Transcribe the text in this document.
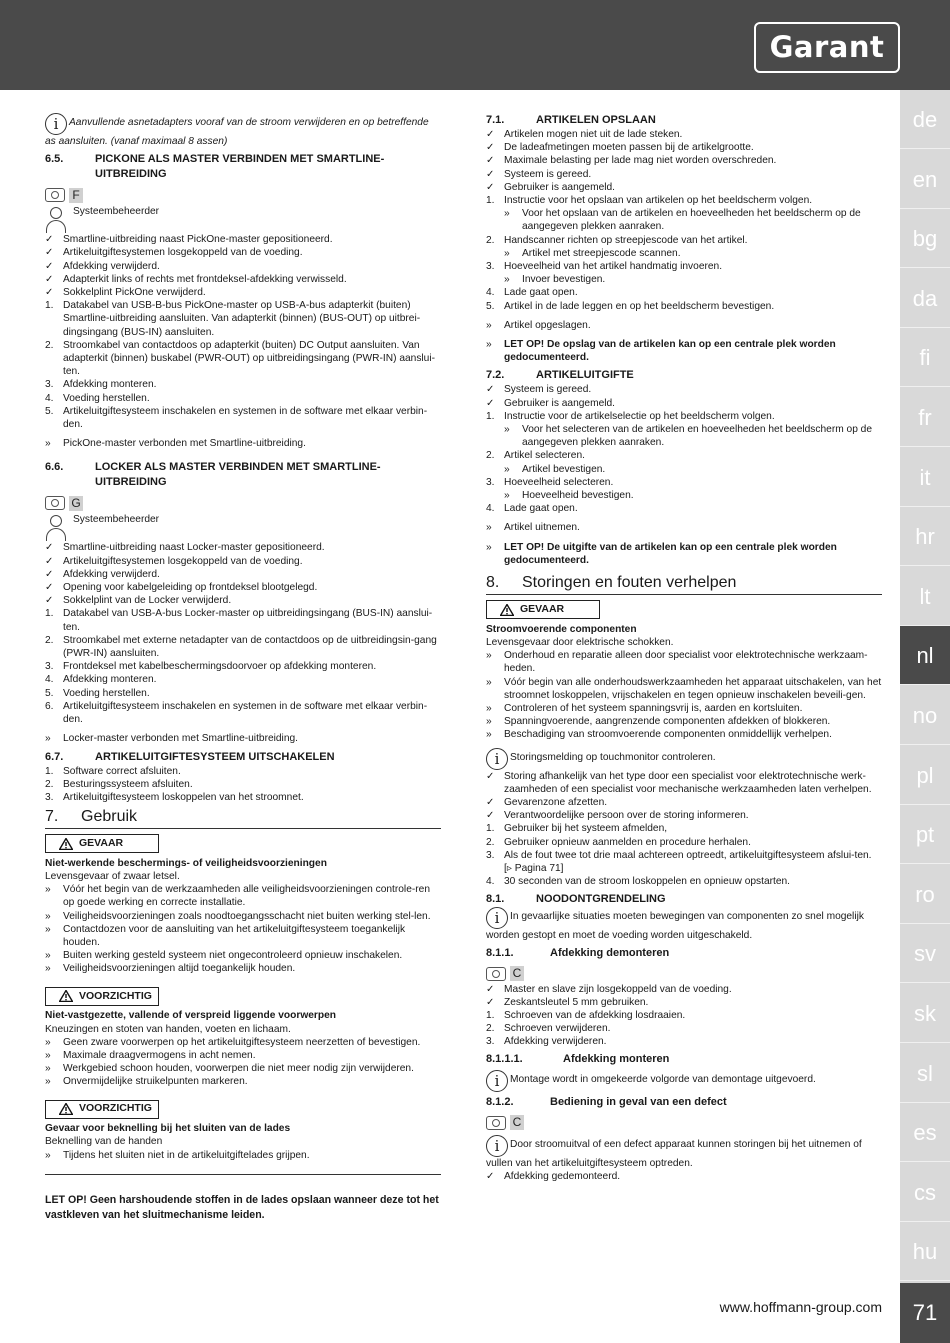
Garant
i Aanvullende asnetadapters vooraf van de stroom verwijderen en op betreffende as aansluiten. (vanaf maximaal 8 assen)
6.5.	PICKONE ALS MASTER VERBINDEN MET SMARTLINE-UITBREIDING
F
Systeembeheerder
✓ Smartline-uitbreiding naast PickOne-master gepositioneerd.
✓ Artikeluitgiftesystemen losgekoppeld van de voeding.
✓ Afdekking verwijderd.
✓ Adapterkit links of rechts met frontdeksel-afdekking verwisseld.
✓ Sokkelplint PickOne verwijderd.
1. Datakabel van USB-B-bus PickOne-master op USB-A-bus adapterkit (buiten) Smartline-uitbreiding aansluiten. Van adapterkit (binnen) (BUS-OUT) op uitbrei-dingsingang (BUS-IN) aansluiten.
2. Stroomkabel van contactdoos op adapterkit (buiten) DC Output aansluiten. Van adapterkit (binnen) buskabel (PWR-OUT) op uitbreidingsingang (PWR-IN) aanslui-ten.
3. Afdekking monteren.
4. Voeding herstellen.
5. Artikeluitgiftesysteem inschakelen en systemen in de software met elkaar verbin-den.
»	PickOne-master verbonden met Smartline-uitbreiding.
6.6.	LOCKER ALS MASTER VERBINDEN MET SMARTLINE-UITBREIDING
G
Systeembeheerder
✓ Smartline-uitbreiding naast Locker-master gepositioneerd.
✓ Artikeluitgiftesystemen losgekoppeld van de voeding.
✓ Afdekking verwijderd.
✓ Opening voor kabelgeleiding op frontdeksel blootgelegd.
✓ Sokkelplint van de Locker verwijderd.
1. Datakabel van USB-A-bus Locker-master op uitbreidingsingang (BUS-IN) aanslui-ten.
2. Stroomkabel met externe netadapter van de contactdoos op de uitbreidingsin-gang (PWR-IN) aansluiten.
3. Frontdeksel met kabelbeschermingsdoorvoer op afdekking monteren.
4. Afdekking monteren.
5. Voeding herstellen.
6. Artikeluitgiftesysteem inschakelen en systemen in de software met elkaar verbin-den.
»	Locker-master verbonden met Smartline-uitbreiding.
6.7.	ARTIKELUITGIFTESYSTEEM UITSCHAKELEN
1. Software correct afsluiten.
2. Besturingssysteem afsluiten.
3. Artikeluitgiftesysteem loskoppelen van het stroomnet.
7.	Gebruik
GEVAAR
Niet-werkende beschermings- of veiligheidsvoorzieningen
Levensgevaar of zwaar letsel.
»	Vóór het begin van de werkzaamheden alle veiligheidsvoorzieningen controle-ren op goede werking en correcte installatie.
»	Veiligheidsvoorzieningen zoals noodtoegangsschacht niet buiten werking stel-len.
»	Contactdozen voor de aansluiting van het artikeluitgiftesysteem toegankelijk houden.
»	Buiten werking gesteld systeem niet ongecontroleerd opnieuw inschakelen.
»	Veiligheidsvoorzieningen altijd toegankelijk houden.
VOORZICHTIG
Niet-vastgezette, vallende of verspreid liggende voorwerpen
Kneuzingen en stoten van handen, voeten en lichaam.
»	Geen zware voorwerpen op het artikeluitgiftesysteem neerzetten of bevestigen.
»	Maximale draagvermogens in acht nemen.
»	Werkgebied schoon houden, voorwerpen die niet meer nodig zijn verwijderen.
»	Onvermijdelijke struikelpunten markeren.
VOORZICHTIG
Gevaar voor beknelling bij het sluiten van de lades
Beknelling van de handen
»	Tijdens het sluiten niet in de artikeluitgiftelades grijpen.
LET OP! Geen harshoudende stoffen in de lades opslaan wanneer deze tot het vastkleven van het sluitmechanisme leiden.
7.1.	ARTIKELEN OPSLAAN
✓ Artikelen mogen niet uit de lade steken.
✓ De ladeafmetingen moeten passen bij de artikelgrootte.
✓ Maximale belasting per lade mag niet worden overschreden.
✓ Systeem is gereed.
✓ Gebruiker is aangemeld.
1. Instructie voor het opslaan van artikelen op het beeldscherm volgen.
»	Voor het opslaan van de artikelen en hoeveelheden het beeldscherm op de aangegeven plekken aanraken.
2. Handscanner richten op streepjescode van het artikel.
»	Artikel met streepjescode scannen.
3. Hoeveelheid van het artikel handmatig invoeren.
»	Invoer bevestigen.
4. Lade gaat open.
5. Artikel in de lade leggen en op het beeldscherm bevestigen.
»	Artikel opgeslagen.
»	LET OP! De opslag van de artikelen kan op een centrale plek worden gedocumenteerd.
7.2.	ARTIKELUITGIFTE
✓ Systeem is gereed.
✓ Gebruiker is aangemeld.
1. Instructie voor de artikelselectie op het beeldscherm volgen.
»	Voor het selecteren van de artikelen en hoeveelheden het beeldscherm op de aangegeven plekken aanraken.
2. Artikel selecteren.
»	Artikel bevestigen.
3. Hoeveelheid selecteren.
»	Hoeveelheid bevestigen.
4. Lade gaat open.
»	Artikel uitnemen.
»	LET OP! De uitgifte van de artikelen kan op een centrale plek worden gedocumenteerd.
8.	Storingen en fouten verhelpen
GEVAAR
Stroomvoerende componenten
Levensgevaar door elektrische schokken.
»	Onderhoud en reparatie alleen door specialist voor elektrotechnische werkzaam-heden.
»	Vóór begin van alle onderhoudswerkzaamheden het apparaat uitschakelen, van het stroomnet loskoppelen, vrijschakelen en tegen opnieuw inschakelen beveili-gen.
»	Controleren of het systeem spanningsvrij is, aarden en kortsluiten.
»	Spanningvoerende, aangrenzende componenten afdekken of blokkeren.
»	Beschadiging van stroomvoerende componenten onmiddellijk verhelpen.
i Storingsmelding op touchmonitor controleren.
✓ Storing afhankelijk van het type door een specialist voor elektrotechnische werk-zaamheden of een specialist voor mechanische werkzaamheden laten verhelpen.
✓ Gevarenzone afzetten.
✓ Verantwoordelijke persoon over de storing informeren.
1. Gebruiker bij het systeem afmelden,
2. Gebruiker opnieuw aanmelden en procedure herhalen.
3. Als de fout twee tot drie maal achtereen optreedt, artikeluitgiftesysteem afslui-ten. [▹ Pagina 71]
4. 30 seconden van de stroom loskoppelen en opnieuw opstarten.
8.1.	NOODONTGRENDELING
i In gevaarlijke situaties moeten bewegingen van componenten zo snel mogelijk worden gestopt en moet de voeding worden uitgeschakeld.
8.1.1.	Afdekking demonteren
C
✓ Master en slave zijn losgekoppeld van de voeding.
✓ Zeskantsleutel 5 mm gebruiken.
1. Schroeven van de afdekking losdraaien.
2. Schroeven verwijderen.
3. Afdekking verwijderen.
8.1.1.1.	Afdekking monteren
i Montage wordt in omgekeerde volgorde van demontage uitgevoerd.
8.1.2.	Bediening in geval van een defect
C
i Door stroomuitval of een defect apparaat kunnen storingen bij het uitnemen of vullen van het artikeluitgiftesysteem optreden.
✓ Afdekking gedemonteerd.
de
en
bg
da
fi
fr
it
hr
lt
nl
no
pl
pt
ro
sv
sk
sl
es
cs
hu
71
www.hoffmann-group.com
